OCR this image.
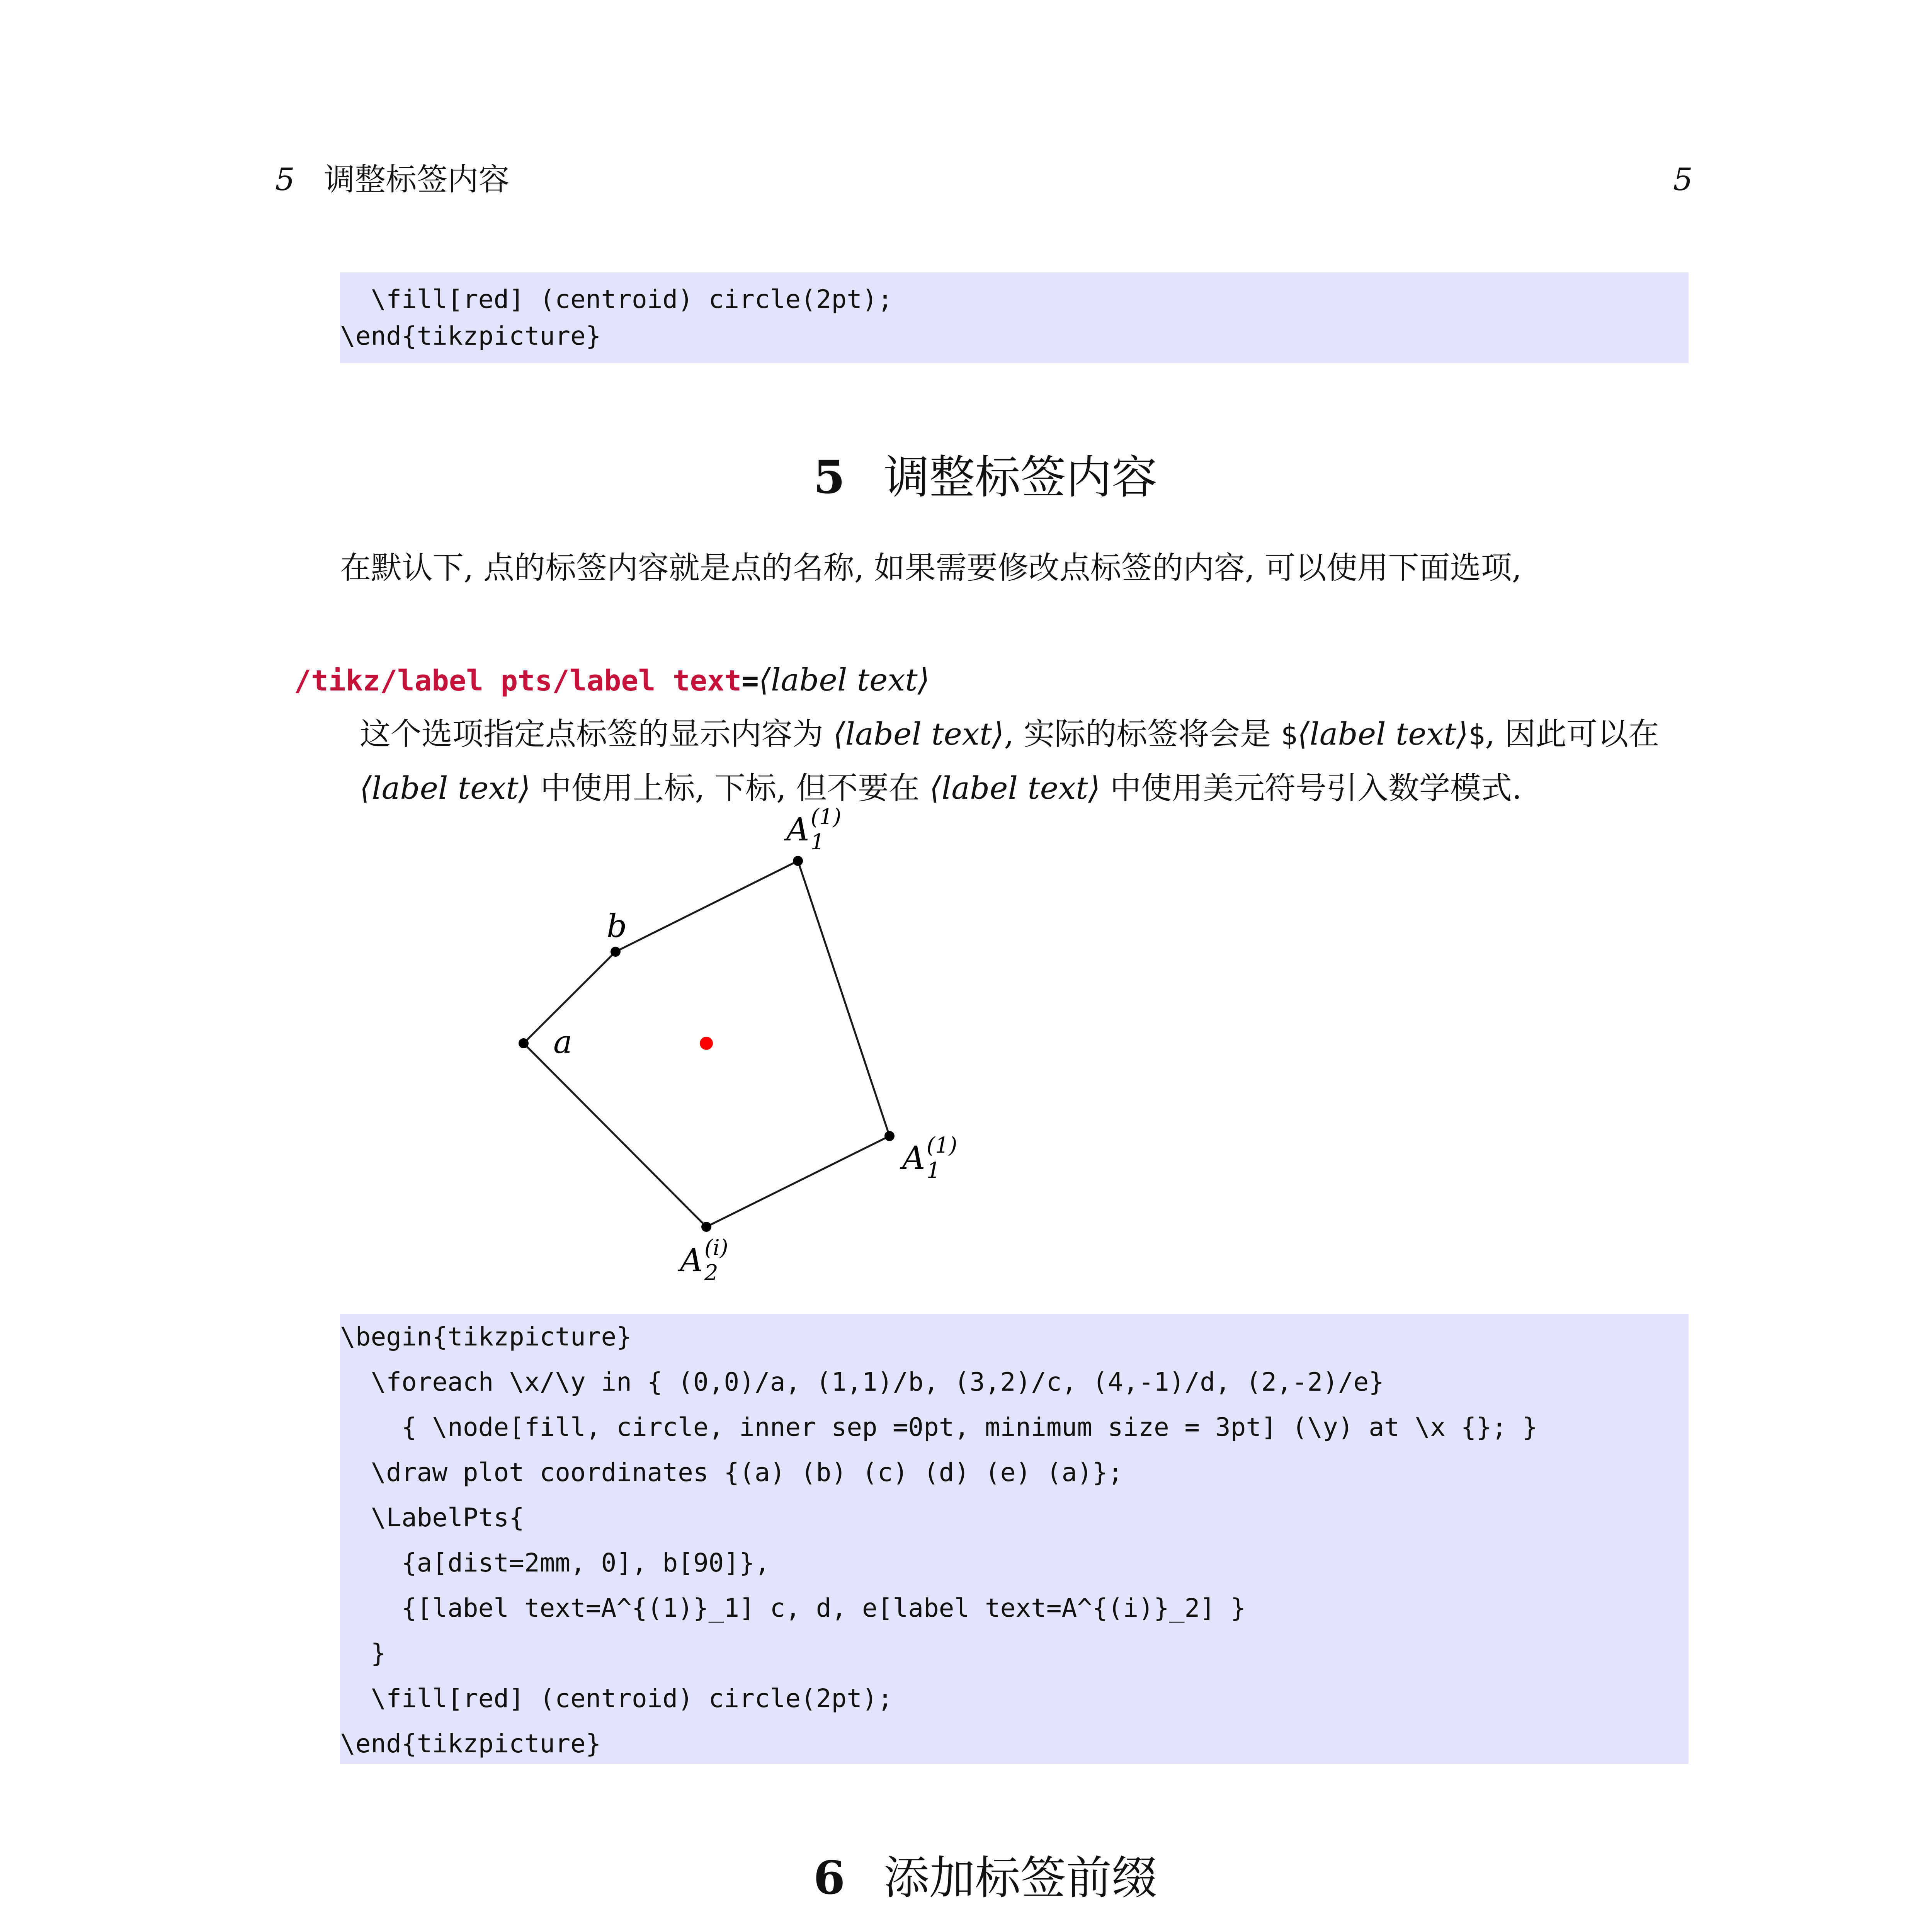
5 调整标签内容	5
\fill[red] (centroid) circle(2pt);
\end{tikzpicture}
5 调整标签内容
在默认下, 点的标签内容就是点的名称, 如果需要修改点标签的内容, 可以使用下面选项,

/tikz/label pts/label text=⟨label text⟩

这个选项指定点标签的显示内容为 ⟨label text⟩, 实际的标签将会是 $⟨label text⟩$, 因此可以在

⟨label text⟩ 中使用上标, 下标, 但不要在 ⟨label text⟩ 中使用美元符号引入数学模式.

a
b
A 1
(1)
A 1
(1)
A 2
(i)
\begin{tikzpicture}
\foreach \x/\y in { (0,0)/a, (1,1)/b, (3,2)/c, (4,-1)/d, (2,-2)/e}
{ \node[fill, circle, inner sep =0pt, minimum size = 3pt] (\y) at \x {}; }
\draw plot coordinates {(a) (b) (c) (d) (e) (a)};
\LabelPts{
{a[dist=2mm, 0], b[90]},
{[label text=A^{(1)}_1] c, d, e[label text=A^{(i)}_2] }
}
\fill[red] (centroid) circle(2pt);
\end{tikzpicture}
6 添加标签前缀
